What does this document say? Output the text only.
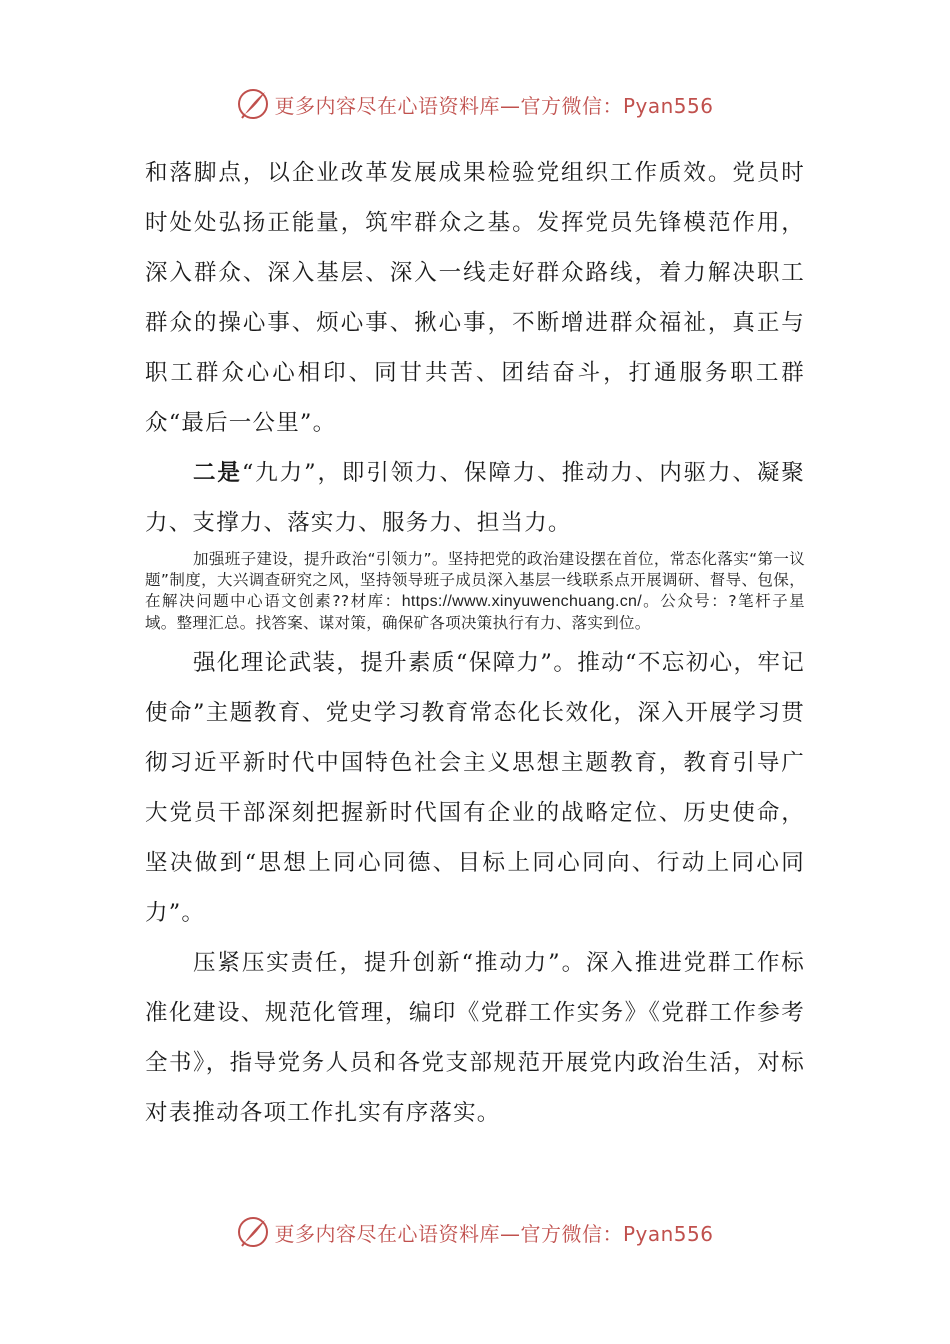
更多内容尽在心语资料库—官方微信：Pyan556

和落脚点，以企业改革发展成果检验党组织工作质效。党员时时处处弘扬正能量，筑牢群众之基。发挥党员先锋模范作用，深入群众、深入基层、深入一线走好群众路线，着力解决职工群众的操心事、烦心事、揪心事，不断增进群众福祉，真正与职工群众心心相印、同甘共苦、团结奋斗，打通服务职工群众“最后一公里”。

二是“九力”，即引领力、保障力、推动力、内驱力、凝聚力、支撑力、落实力、服务力、担当力。

加强班子建设，提升政治“引领力”。坚持把党的政治建设摆在首位，常态化落实“第一议题”制度，大兴调查研究之风，坚持领导班子成员深入基层一线联系点开展调研、督导、包保，在解决问题中心语文创素??材库：https://www.xinyuwenchuang.cn/。公众号：?笔杆子星域。整理汇总。找答案、谋对策，确保矿各项决策执行有力、落实到位。

强化理论武装，提升素质“保障力”。推动“不忘初心，牢记使命”主题教育、党史学习教育常态化长效化，深入开展学习贯彻习近平新时代中国特色社会主义思想主题教育，教育引导广大党员干部深刻把握新时代国有企业的战略定位、历史使命，坚决做到“思想上同心同德、目标上同心同向、行动上同心同力”。

压紧压实责任，提升创新“推动力”。深入推进党群工作标准化建设、规范化管理，编印《党群工作实务》《党群工作参考全书》，指导党务人员和各党支部规范开展党内政治生活，对标对表推动各项工作扎实有序落实。

更多内容尽在心语资料库—官方微信：Pyan556
